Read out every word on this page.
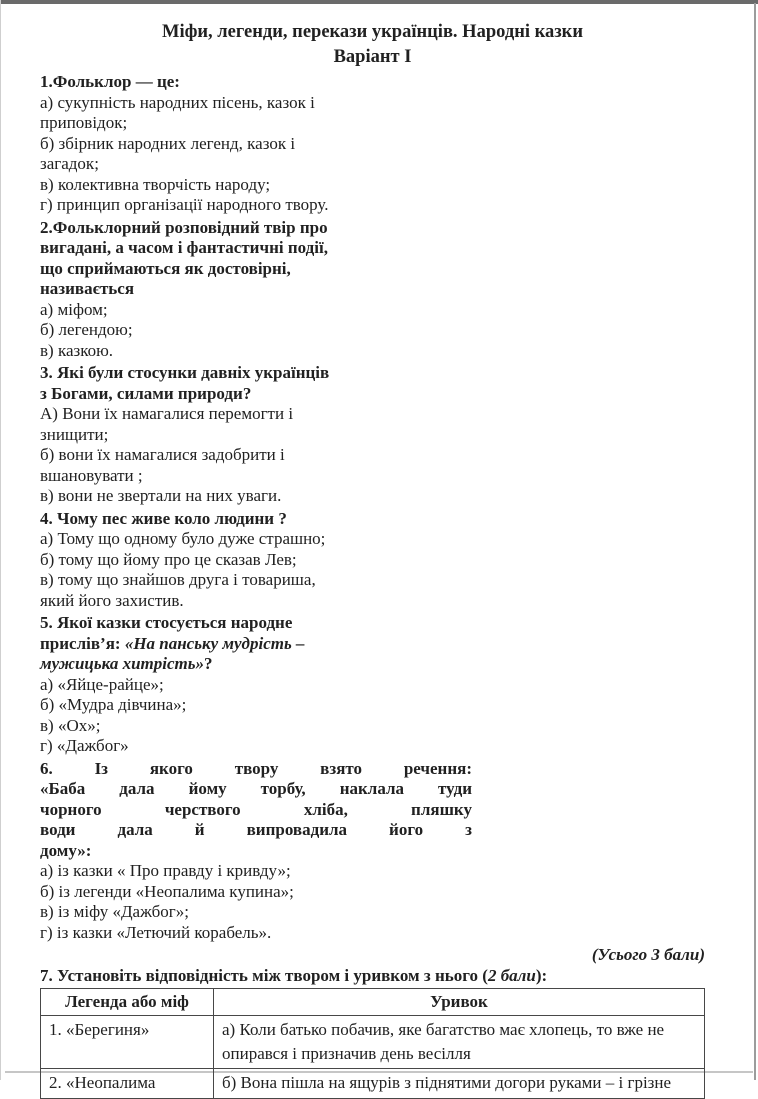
Міфи, легенди, перекази українців. Народні казки
Варіант І
1.Фольклор — це:
а) сукупність народних пісень, казок і
приповідок;
б) збірник народних легенд, казок і
загадок;
в) колективна творчість народу;
г) принцип організації народного твору.
2.Фольклорний розповідний твір про
вигадані, а часом і фантастичні події,
що сприймаються як достовірні,
називається
а) міфом;
б) легендою;
в) казкою.
3. Які були стосунки давніх українців
з Богами, силами природи?
А) Вони їх намагалися перемогти і
знищити;
б) вони їх намагалися задобрити і
вшановувати ;
в) вони не звертали на них уваги.
4. Чому пес живе коло людини ?
а) Тому що одному було дуже страшно;
б) тому що йому про це сказав Лев;
в) тому що знайшов друга і товариша,
який його захистив.
5. Якої казки стосується народне
прислів’я: «На панську мудрість –
мужицька хитрість»?
а) «Яйце-райце»;
б) «Мудра дівчина»;
в) «Ох»;
г) «Дажбог»
6. Із якого твору взято речення:
«Баба дала йому торбу, наклала туди
чорного черствого хліба, пляшку
води дала й випровадила його з
дому»:
а) із казки « Про правду і кривду»;
б) із легенди «Неопалима купина»;
в) із міфу «Дажбог»;
г) із казки «Летючий корабель».
(Усього 3 бали)
7. Установіть відповідність між твором і уривком з нього (2 бали):
Легенда або міф	Уривок
1. «Берегиня»	а) Коли батько побачив, яке багатство має хлопець, то вже не опирався і призначив день весілля
2. «Неопалима	б) Вона пішла на ящурів з піднятими догори руками – і грізне
